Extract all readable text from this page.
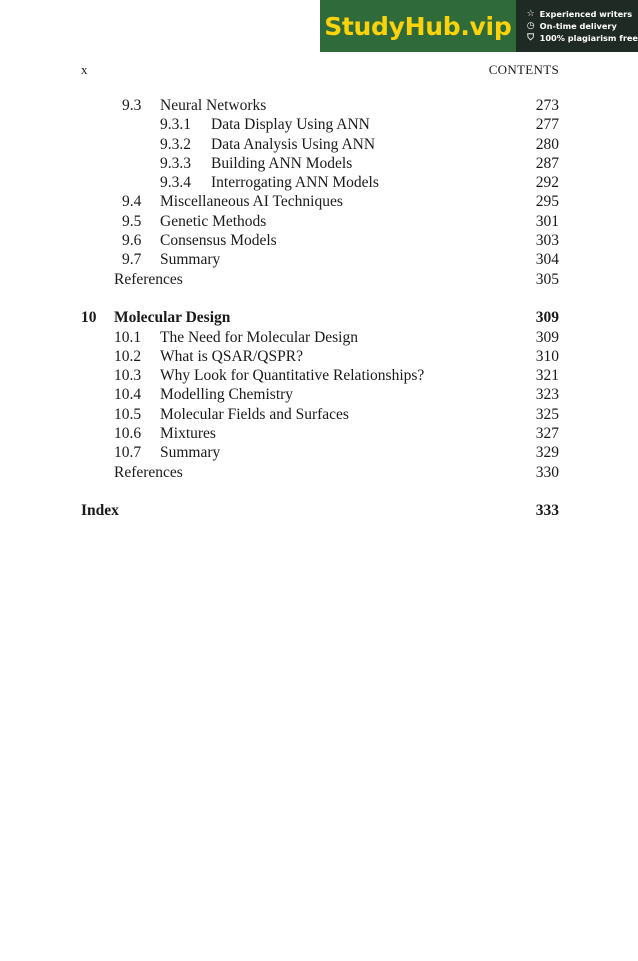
StudyHub.vip	☆ Experienced writers
◷ On-time delivery
⛉ 100% plagiarism free
x	CONTENTS
9.3 Neural Networks	273
9.3.1 Data Display Using ANN	277
9.3.2 Data Analysis Using ANN	280
9.3.3 Building ANN Models	287
9.3.4 Interrogating ANN Models	292
9.4 Miscellaneous AI Techniques	295
9.5 Genetic Methods	301
9.6 Consensus Models	303
9.7 Summary	304
References	305
10 Molecular Design	309
10.1 The Need for Molecular Design	309
10.2 What is QSAR/QSPR?	310
10.3 Why Look for Quantitative Relationships?	321
10.4 Modelling Chemistry	323
10.5 Molecular Fields and Surfaces	325
10.6 Mixtures	327
10.7 Summary	329
References	330
Index	333
